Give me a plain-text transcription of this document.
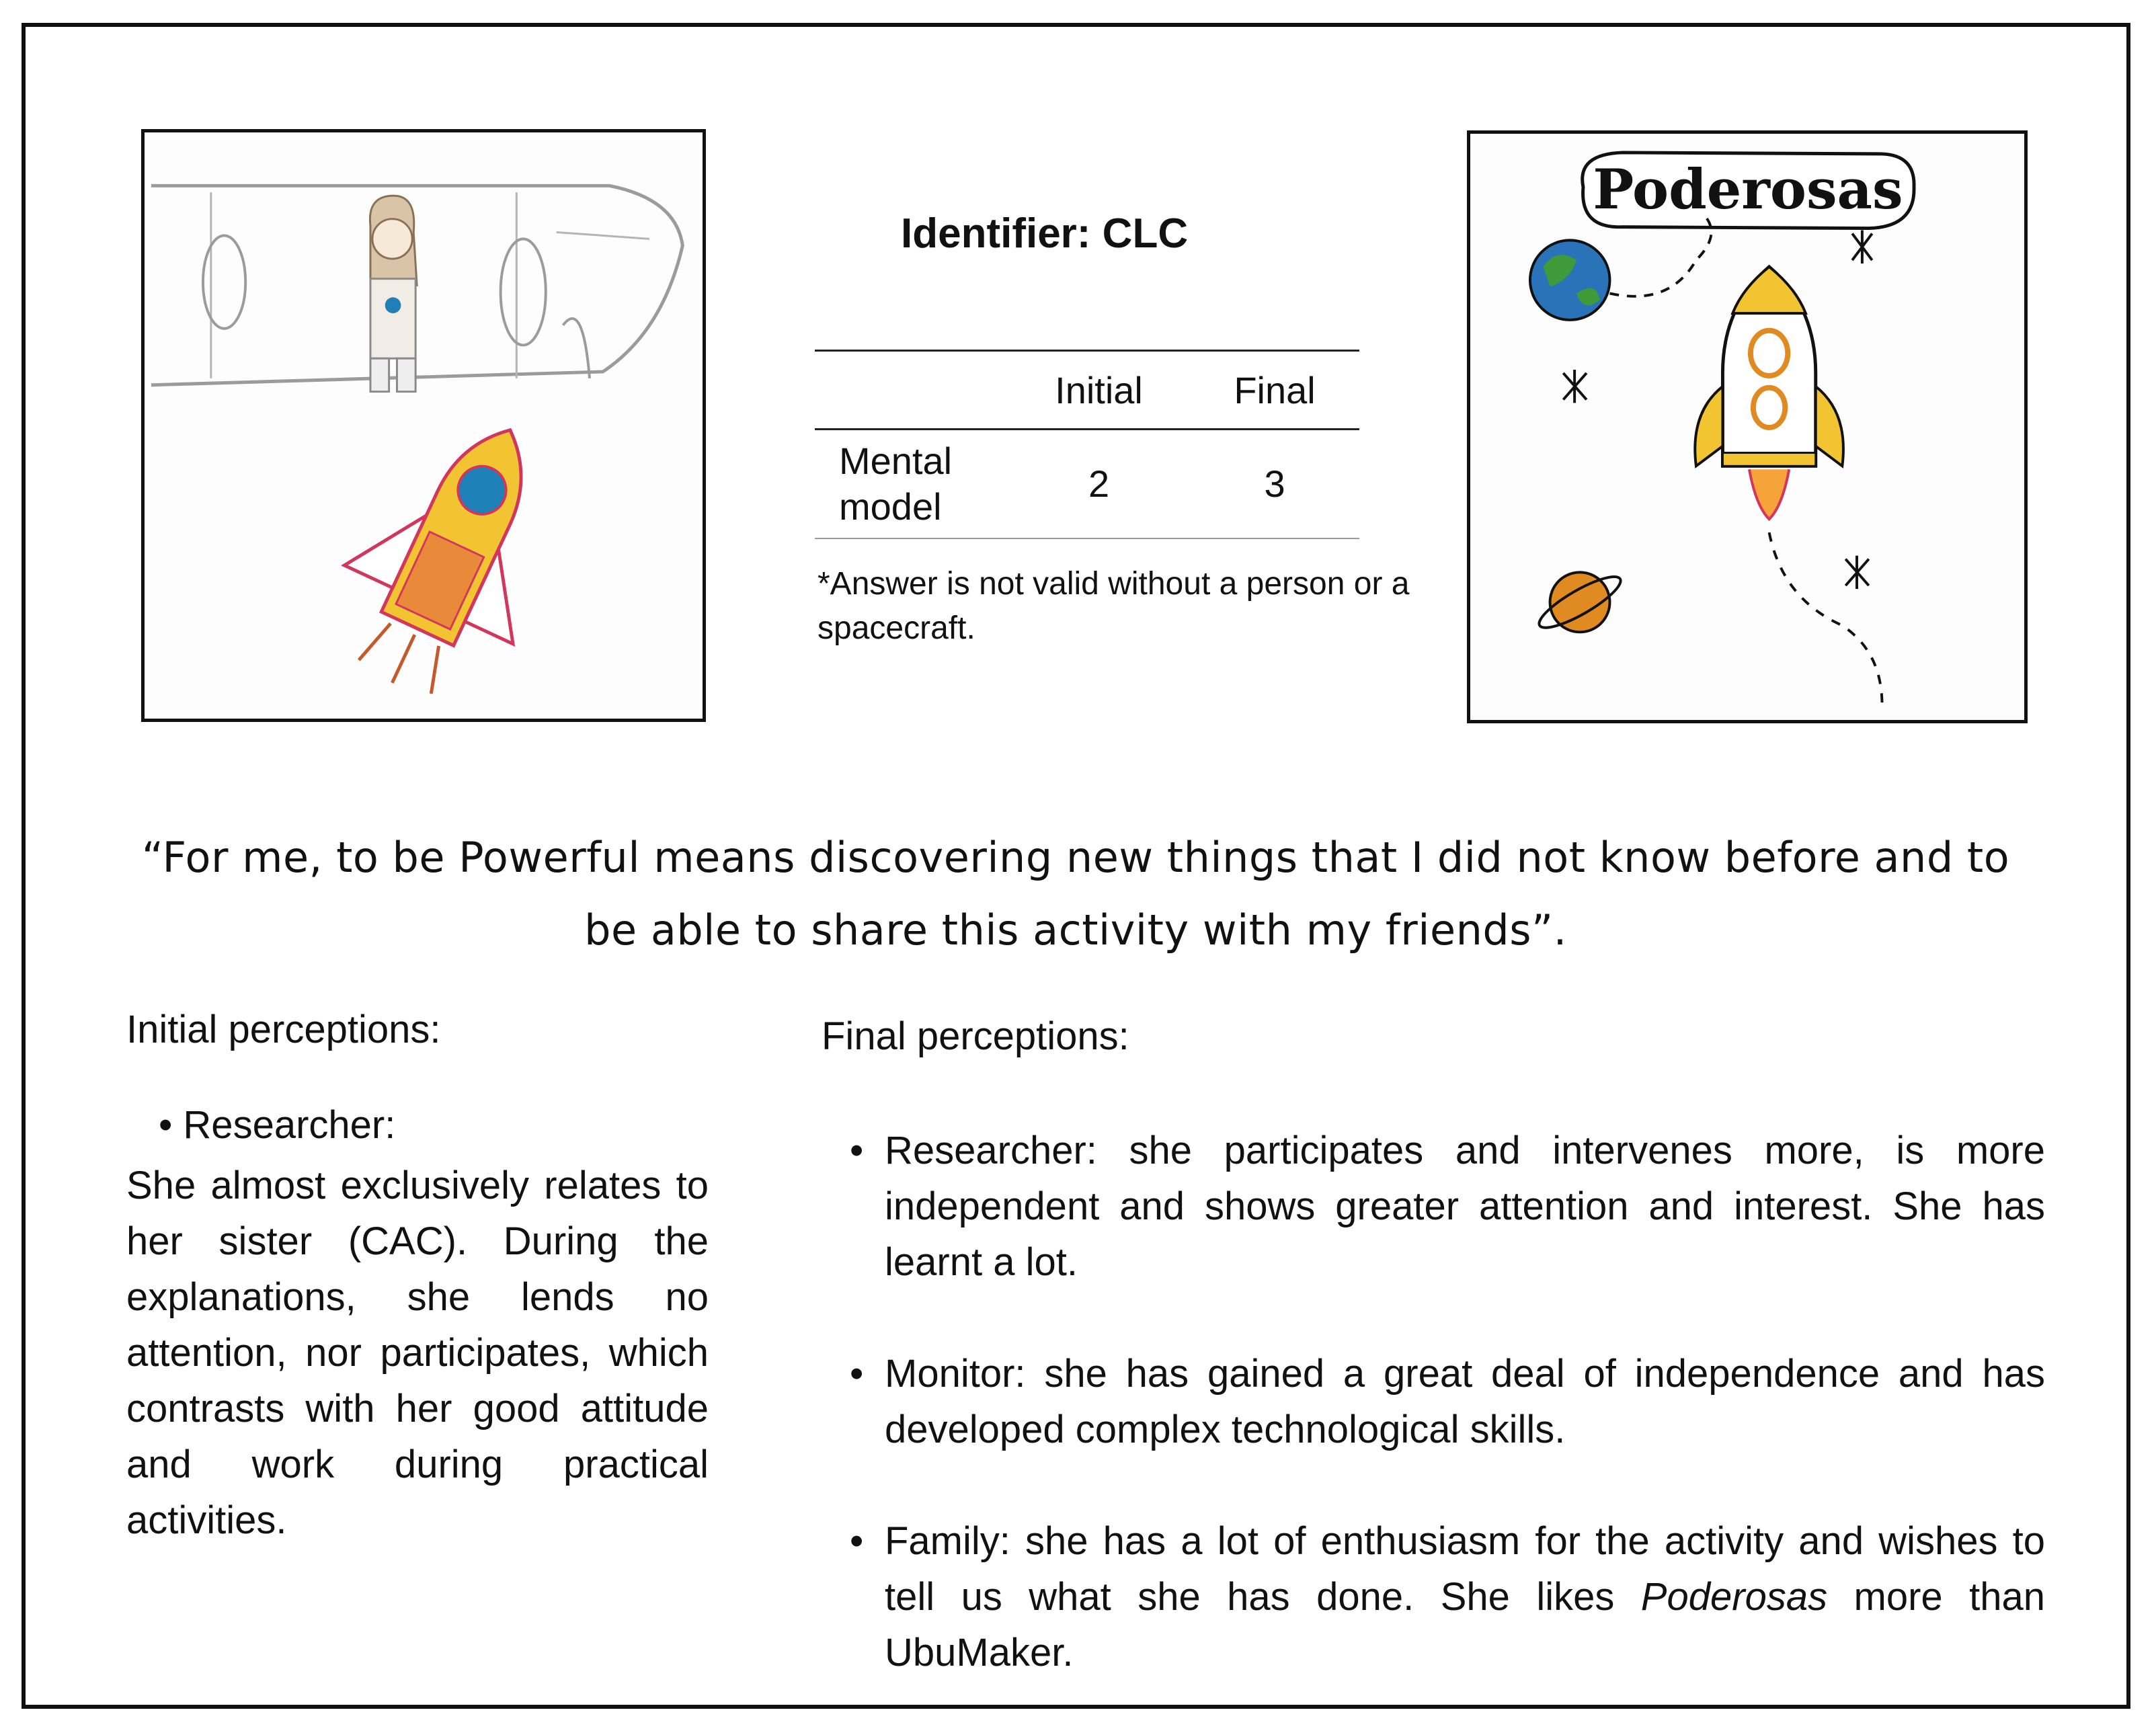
Identifier: CLC
	Initial	Final
Mental model	2	3
*Answer is not valid without a person or a spacecraft.
Poderosas
“For me, to be Powerful means discovering new things that I did not know before and to be able to share this activity with my friends”.
Initial perceptions:
• Researcher:
She almost exclusively relates to her sister (CAC). During the explanations, she lends no attention, nor participates, which contrasts with her good attitude and work during practical activities.
Final perceptions:
• Researcher: she participates and intervenes more, is more independent and shows greater attention and interest. She has learnt a lot.
• Monitor: she has gained a great deal of independence and has developed complex technological skills.
• Family: she has a lot of enthusiasm for the activity and wishes to tell us what she has done. She likes Poderosas more than UbuMaker.
